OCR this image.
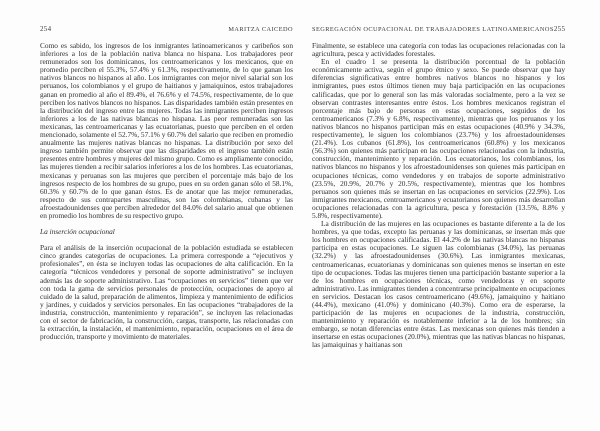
254	MARITZA CAICEDO

Como es sabido, los ingresos de los inmigrantes latinoamericanos y caribeños son inferiores a los de la población nativa blanca no hispana. Los trabajadores peor remunerados son los dominicanos, los centroamericanos y los mexicanos, que en promedio perciben el 55.3%, 57.4% y 61.3%, respectivamente, de lo que ganan los nativos blancos no hispanos al año. Los inmigrantes con mejor nivel salarial son los peruanos, los colombianos y el grupo de haitianos y jamaiquinos, estos trabajadores ganan en promedio al año el 89.4%, el 76.6% y el 74.5%, respectivamente, de lo que perciben los nativos blancos no hispanos. Las disparidades también están presentes en la distribución del ingreso entre las mujeres. Todas las inmigrantes perciben ingresos inferiores a los de las nativas blancas no hispana. Las peor remuneradas son las mexicanas, las centroamericanas y las ecuatorianas, puesto que perciben en el orden mencionado, solamente el 52.7%, 57.1% y 60.7% del salario que reciben en promedio anualmente las mujeres nativas blancas no hispanas. La distribución por sexo del ingreso también permite observar que las disparidades en el ingreso también están presentes entre hombres y mujeres del mismo grupo. Como es ampliamente conocido, las mujeres tienden a recibir salarios inferiores a los de los hombres. Las ecuatorianas, mexicanas y peruanas son las mujeres que perciben el porcentaje más bajo de los ingresos respecto de los hombres de su grupo, pues en su orden ganan sólo el 58.1%, 60.3% y 60.7% de lo que ganan éstos. Es de anotar que las mejor remuneradas, respecto de sus contrapartes masculinas, son las colombianas, cubanas y las afroestadounidenses que perciben alrededor del 84.0% del salario anual que obtienen en promedio los hombres de su respectivo grupo.

La inserción ocupacional

Para el análisis de la inserción ocupacional de la población estudiada se establecen cinco grandes categorías de ocupaciones. La primera corresponde a “ejecutivos y profesionales”, en ésta se incluyen todas las ocupaciones de alta calificación. En la categoría “técnicos vendedores y personal de soporte administrativo” se incluyen además las de soporte administrativo. Las “ocupaciones en servicios” tienen que ver con toda la gama de servicios personales de protección, ocupaciones de apoyo al cuidado de la salud, preparación de alimentos, limpieza y mantenimiento de edificios y jardines, y cuidados y servicios personales. En las ocupaciones “trabajadores de la industria, construcción, mantenimiento y reparación”, se incluyen las relacionadas con el sector de fabricación, la construcción, cargas, transporte, las relacionadas con la extracción, la instalación, el mantenimiento, reparación, ocupaciones en el área de producción, transporte y movimiento de materiales.

SEGREGACIÓN OCUPACIONAL DE TRABAJADORES LATINOAMERICANOS 255

Finalmente, se establece una categoría con todas las ocupaciones relacionadas con la agricultura, pesca y actividades forestales.

En el cuadro 1 se presenta la distribución porcentual de la población económicamente activa, según el grupo étnico y sexo. Se puede observar que hay diferencias significativas entre hombres nativos blancos no hispanos y los inmigrantes, pues estos últimos tienen muy baja participación en las ocupaciones calificadas, que por lo general son las más valoradas socialmente, pero a la vez se observan contrastes interesantes entre éstos. Los hombres mexicanos registran el porcentaje más bajo de personas en estas ocupaciones, seguidos de los centroamericanos (7.3% y 6.8%, respectivamente), mientras que los peruanos y los nativos blancos no hispanos participan más en estas ocupaciones (40.9% y 34.3%, respectivamente), le siguen los colombianos (23.7%) y los afroestadounidenses (21.4%). Los cubanos (61.8%), los centroamericanos (60.8%) y los mexicanos (56.3%) son quienes más participan en las ocupaciones relacionadas con la industria, construcción, mantenimiento y reparación. Los ecuatorianos, los colombianos, los nativos blancos no hispanos y los afroestadounidenses son quienes más participan en ocupaciones técnicas, como vendedores y en trabajos de soporte administrativo (23.5%, 20.9%, 20.7% y 20.5%, respectivamente), mientras que los hombres peruanos son quienes más se insertan en las ocupaciones en servicios (22.9%). Los inmigrantes mexicanos, centroamericanos y ecuatorianos son quienes más desarrollan ocupaciones relacionadas con la agricultura, pesca y forestación (13.5%, 8.8% y 5.8%, respectivamente).

La distribución de las mujeres en las ocupaciones es bastante diferente a la de los hombres, ya que todas, excepto las peruanas y las dominicanas, se insertan más que los hombres en ocupaciones calificadas. El 44.2% de las nativas blancas no hispanas participa en estas ocupaciones. Le siguen las colombianas (34.0%), las peruanas (32.2%) y las afroestadounidenses (30.6%). Las inmigrantes mexicanas, centroamericanas, ecuatorianas y dominicanas son quienes menos se insertan en este tipo de ocupaciones. Todas las mujeres tienen una participación bastante superior a la de los hombres en ocupaciones técnicas, como vendedoras y en soporte administrativo. Las inmigrantes tienden a concentrarse principalmente en ocupaciones en servicios. Destacan los casos centroamericano (49.6%), jamaiquino y haitiano (44.4%), mexicano (41.0%) y dominicano (40.3%). Como era de esperarse, la participación de las mujeres en ocupaciones de la industria, construcción, mantenimiento y reparación es notablemente inferior a la de los hombres; sin embargo, se notan diferencias entre éstas. Las mexicanas son quienes más tienden a insertarse en estas ocupaciones (20.0%), mientras que las nativas blancas no hispanas, las jamaiquinas y haitianas son
